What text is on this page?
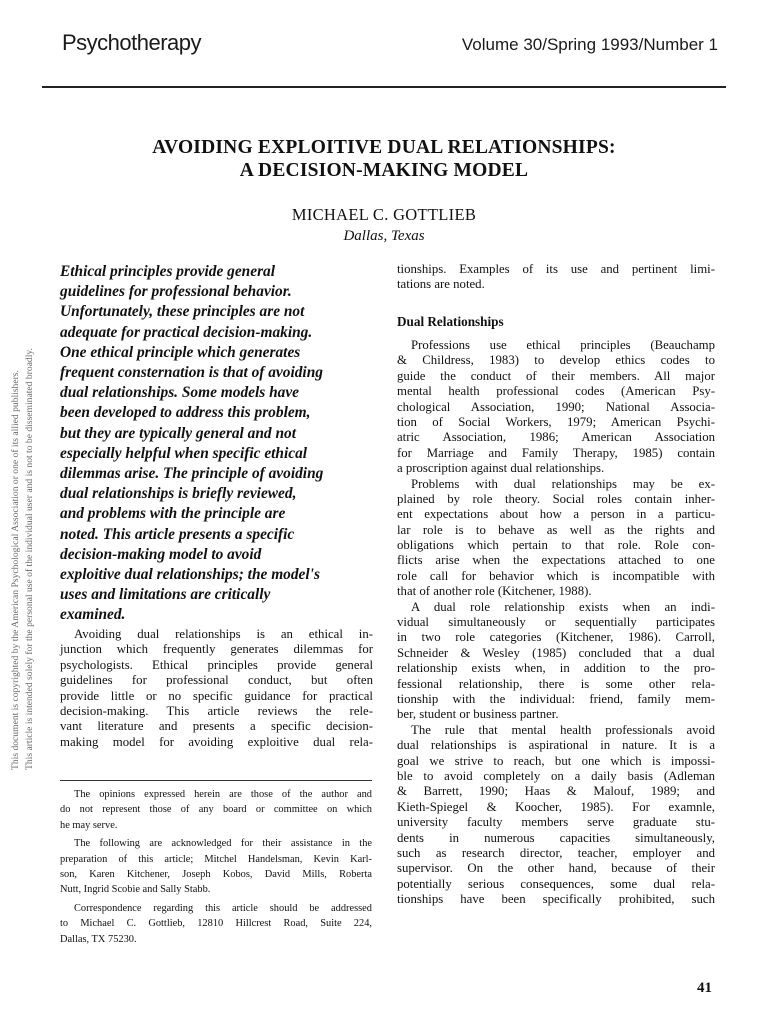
Psychotherapy	Volume 30/Spring 1993/Number 1
This document is copyrighted by the American Psychological Association or one of its allied publishers. This article is intended solely for the personal use of the individual user and is not to be disseminated broadly.
AVOIDING EXPLOITIVE DUAL RELATIONSHIPS:
A DECISION-MAKING MODEL
MICHAEL C. GOTTLIEB
Dallas, Texas
Ethical principles provide general
guidelines for professional behavior.
Unfortunately, these principles are not
adequate for practical decision-making.
One ethical principle which generates
frequent consternation is that of avoiding
dual relationships. Some models have
been developed to address this problem,
but they are typically general and not
especially helpful when specific ethical
dilemmas arise. The principle of avoiding
dual relationships is briefly reviewed,
and problems with the principle are
noted. This article presents a specific
decision-making model to avoid
exploitive dual relationships; the model's
uses and limitations are critically
examined.
Avoiding dual relationships is an ethical in-
junction which frequently generates dilemmas for
psychologists. Ethical principles provide general
guidelines for professional conduct, but often
provide little or no specific guidance for practical
decision-making. This article reviews the rele-
vant literature and presents a specific decision-
making model for avoiding exploitive dual rela-
The opinions expressed herein are those of the author and
do not represent those of any board or committee on which
he may serve.
The following are acknowledged for their assistance in the
preparation of this article; Mitchel Handelsman, Kevin Karl-
son, Karen Kitchener, Joseph Kobos, David Mills, Roberta
Nutt, Ingrid Scobie and Sally Stabb.
Correspondence regarding this article should be addressed
to Michael C. Gottlieb, 12810 Hillcrest Road, Suite 224,
Dallas, TX 75230.
tionships. Examples of its use and pertinent limi-
tations are noted.
Dual Relationships
Professions use ethical principles (Beauchamp
& Childress, 1983) to develop ethics codes to
guide the conduct of their members. All major
mental health professional codes (American Psy-
chological Association, 1990; National Associa-
tion of Social Workers, 1979; American Psychi-
atric Association, 1986; American Association
for Marriage and Family Therapy, 1985) contain
a proscription against dual relationships.
Problems with dual relationships may be ex-
plained by role theory. Social roles contain inher-
ent expectations about how a person in a particu-
lar role is to behave as well as the rights and
obligations which pertain to that role. Role con-
flicts arise when the expectations attached to one
role call for behavior which is incompatible with
that of another role (Kitchener, 1988).
A dual role relationship exists when an indi-
vidual simultaneously or sequentially participates
in two role categories (Kitchener, 1986). Carroll,
Schneider & Wesley (1985) concluded that a dual
relationship exists when, in addition to the pro-
fessional relationship, there is some other rela-
tionship with the individual: friend, family mem-
ber, student or business partner.
The rule that mental health professionals avoid
dual relationships is aspirational in nature. It is a
goal we strive to reach, but one which is impossi-
ble to avoid completely on a daily basis (Adleman
& Barrett, 1990; Haas & Malouf, 1989; and
Kieth-Spiegel & Koocher, 1985). For examnle,
university faculty members serve graduate stu-
dents in numerous capacities simultaneously,
such as research director, teacher, employer and
supervisor. On the other hand, because of their
potentially serious consequences, some dual rela-
tionships have been specifically prohibited, such
41
